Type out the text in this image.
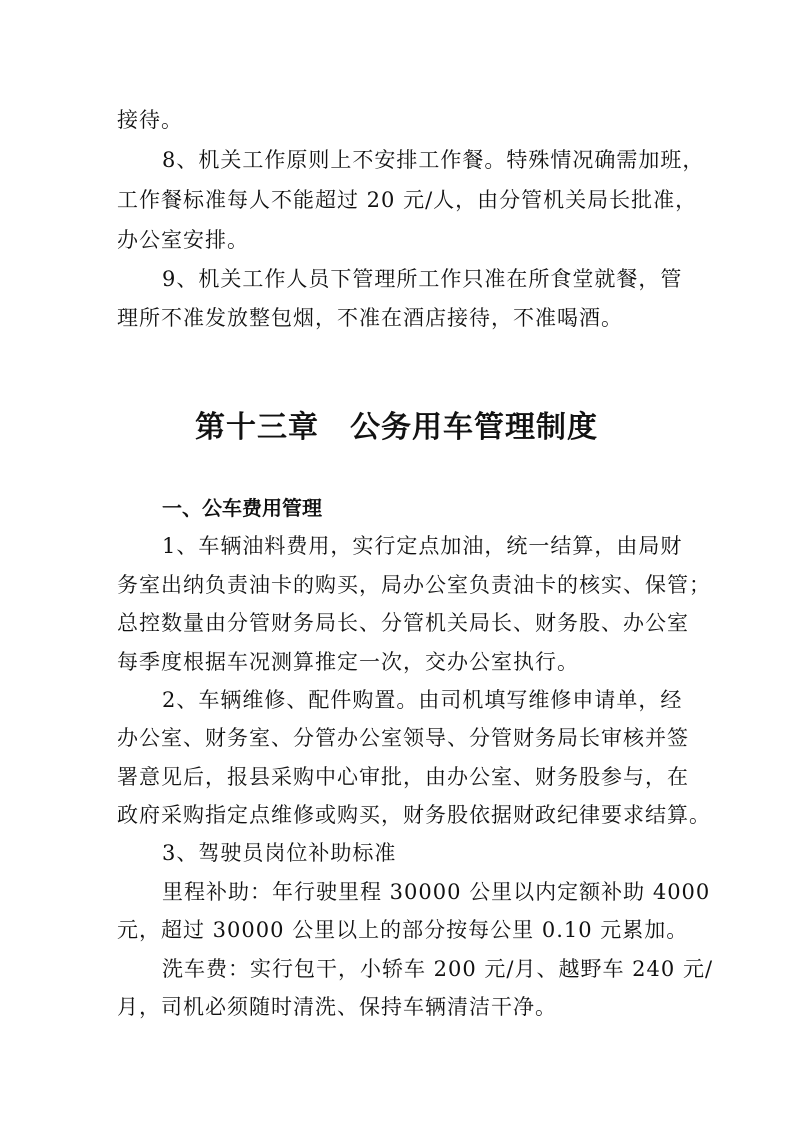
接待。
8、机关工作原则上不安排工作餐。特殊情况确需加班，
工作餐标准每人不能超过 20 元/人，由分管机关局长批准，
办公室安排。
9、机关工作人员下管理所工作只准在所食堂就餐，管
理所不准发放整包烟，不准在酒店接待，不准喝酒。
第十三章　公务用车管理制度
一、公车费用管理
1、车辆油料费用，实行定点加油，统一结算，由局财
务室出纳负责油卡的购买，局办公室负责油卡的核实、保管；
总控数量由分管财务局长、分管机关局长、财务股、办公室
每季度根据车况测算推定一次，交办公室执行。
2、车辆维修、配件购置。由司机填写维修申请单，经
办公室、财务室、分管办公室领导、分管财务局长审核并签
署意见后，报县采购中心审批，由办公室、财务股参与，在
政府采购指定点维修或购买，财务股依据财政纪律要求结算。
3、驾驶员岗位补助标准
里程补助：年行驶里程 30000 公里以内定额补助 4000
元，超过 30000 公里以上的部分按每公里 0.10 元累加。
洗车费：实行包干，小轿车 200 元/月、越野车 240 元/
月，司机必须随时清洗、保持车辆清洁干净。
